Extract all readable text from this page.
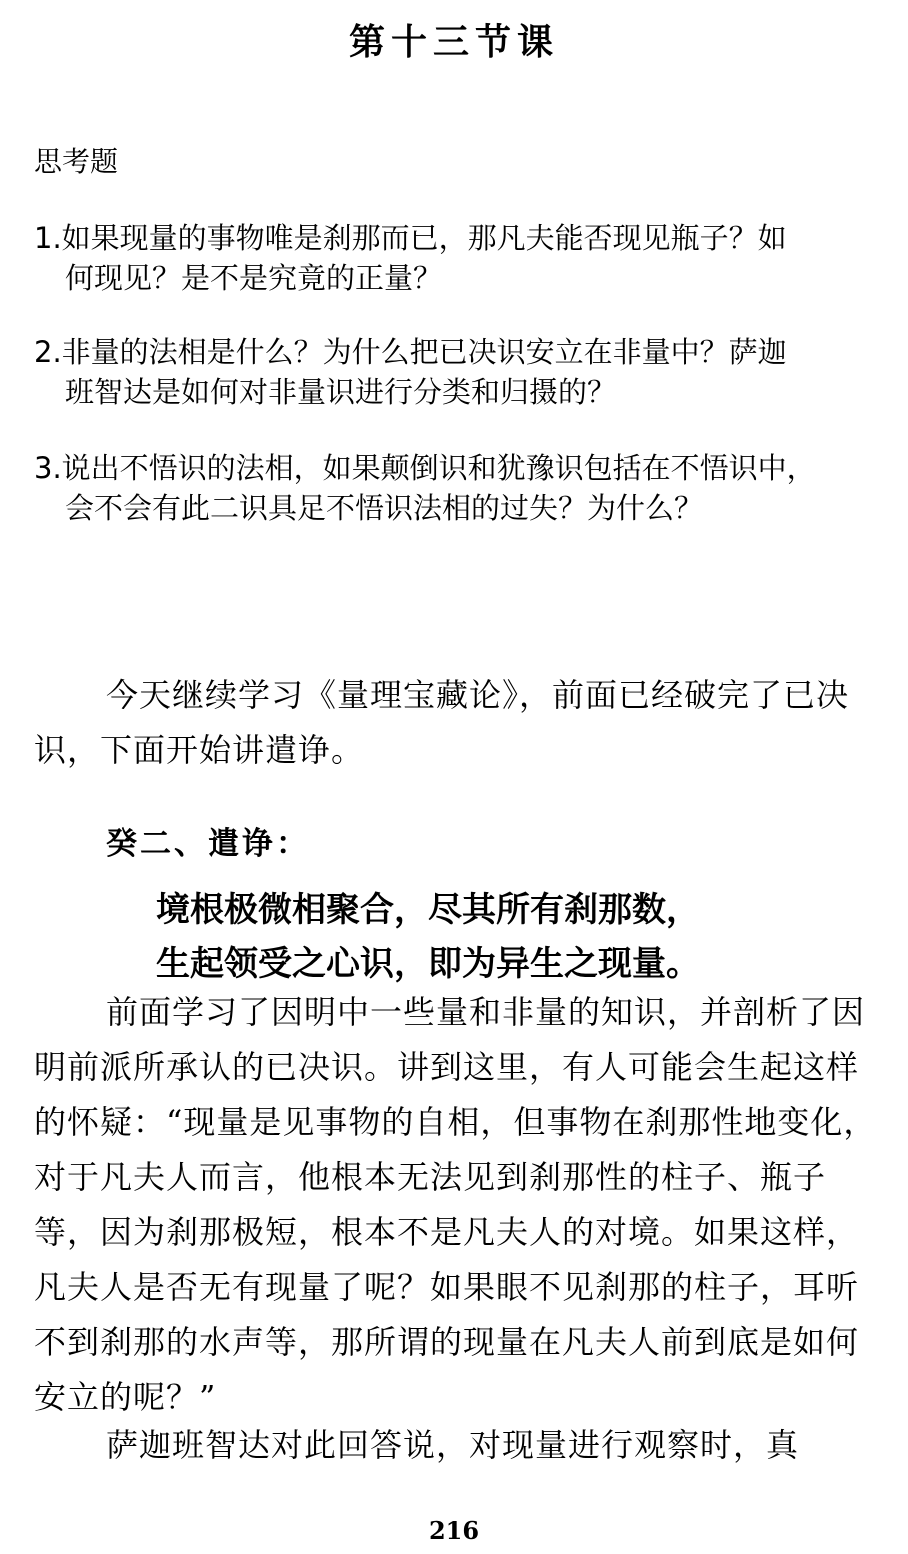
第十三节课
思考题
1.如果现量的事物唯是刹那而已，那凡夫能否现见瓶子？如
何现见？是不是究竟的正量？
2.非量的法相是什么？为什么把已决识安立在非量中？萨迦
班智达是如何对非量识进行分类和归摄的？
3.说出不悟识的法相，如果颠倒识和犹豫识包括在不悟识中，
会不会有此二识具足不悟识法相的过失？为什么？
今天继续学习《量理宝藏论》，前面已经破完了已决识，下面开始讲遣诤。
癸二、遣诤：
境根极微相聚合，尽其所有刹那数，
生起领受之心识，即为异生之现量。
前面学习了因明中一些量和非量的知识，并剖析了因明前派所承认的已决识。讲到这里，有人可能会生起这样的怀疑：“现量是见事物的自相，但事物在刹那性地变化，对于凡夫人而言，他根本无法见到刹那性的柱子、瓶子等，因为刹那极短，根本不是凡夫人的对境。如果这样，凡夫人是否无有现量了呢？如果眼不见刹那的柱子，耳听不到刹那的水声等，那所谓的现量在凡夫人前到底是如何安立的呢？”
萨迦班智达对此回答说，对现量进行观察时，真
216
